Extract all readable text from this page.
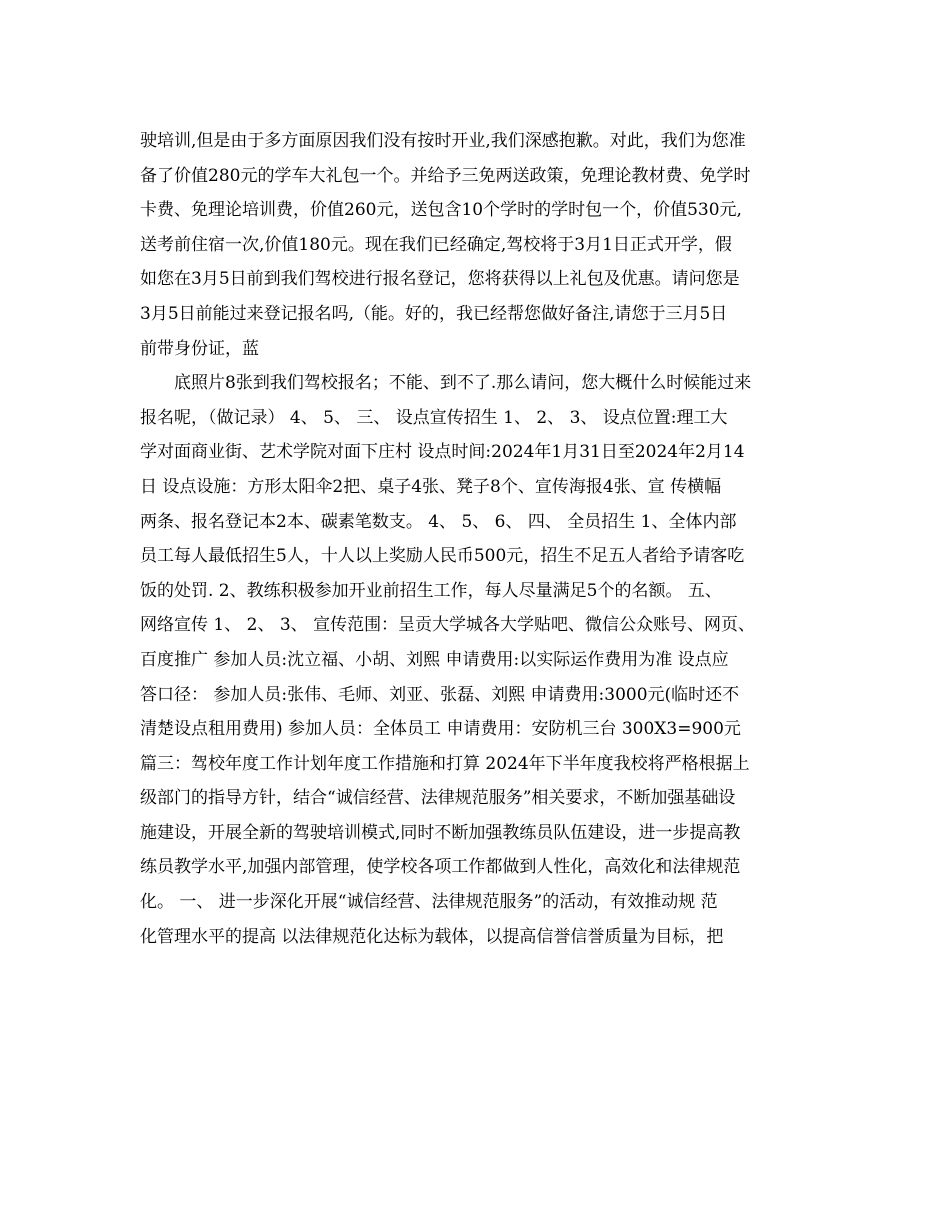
驶培训,但是由于多方面原因我们没有按时开业,我们深感抱歉。对此，我们为您准
备了价值280元的学车大礼包一个。并给予三免两送政策，免理论教材费、免学时
卡费、免理论培训费，价值260元，送包含10个学时的学时包一个，价值530元,
送考前住宿一次,价值180元。现在我们已经确定,驾校将于3月1日正式开学，假
如您在3月5日前到我们驾校进行报名登记，您将获得以上礼包及优惠。请问您是
3月5日前能过来登记报名吗,（能。好的，我已经帮您做好备注,请您于三月5日
前带身份证，蓝
底照片8张到我们驾校报名；不能、到不了.那么请问，您大概什么时候能过来
报名呢，（做记录） 4、 5、 三、 设点宣传招生 1、 2、 3、 设点位置:理工大
学对面商业街、艺术学院对面下庄村 设点时间:2024年1月31日至2024年2月14
日 设点设施：方形太阳伞2把、桌子4张、凳子8个、宣传海报4张、宣 传横幅
两条、报名登记本2本、碳素笔数支。 4、 5、 6、 四、 全员招生 1、全体内部
员工每人最低招生5人，十人以上奖励人民币500元，招生不足五人者给予请客吃
饭的处罚. 2、教练积极参加开业前招生工作，每人尽量满足5个的名额。 五、
网络宣传 1、 2、 3、 宣传范围：呈贡大学城各大学贴吧、微信公众账号、网页、
百度推广 参加人员:沈立福、小胡、刘熙 申请费用:以实际运作费用为准 设点应
答口径： 参加人员:张伟、毛师、刘亚、张磊、刘熙 申请费用:3000元(临时还不
清楚设点租用费用) 参加人员：全体员工 申请费用：安防机三台 300X3=900元
篇三：驾校年度工作计划年度工作措施和打算 2024年下半年度我校将严格根据上
级部门的指导方针，结合“诚信经营、法律规范服务”相关要求，不断加强基础设
施建设，开展全新的驾驶培训模式,同时不断加强教练员队伍建设，进一步提高教
练员教学水平,加强内部管理，使学校各项工作都做到人性化，高效化和法律规范
化。 一、 进一步深化开展“诚信经营、法律规范服务”的活动，有效推动规 范
化管理水平的提高 以法律规范化达标为载体，以提高信誉信誉质量为目标，把
